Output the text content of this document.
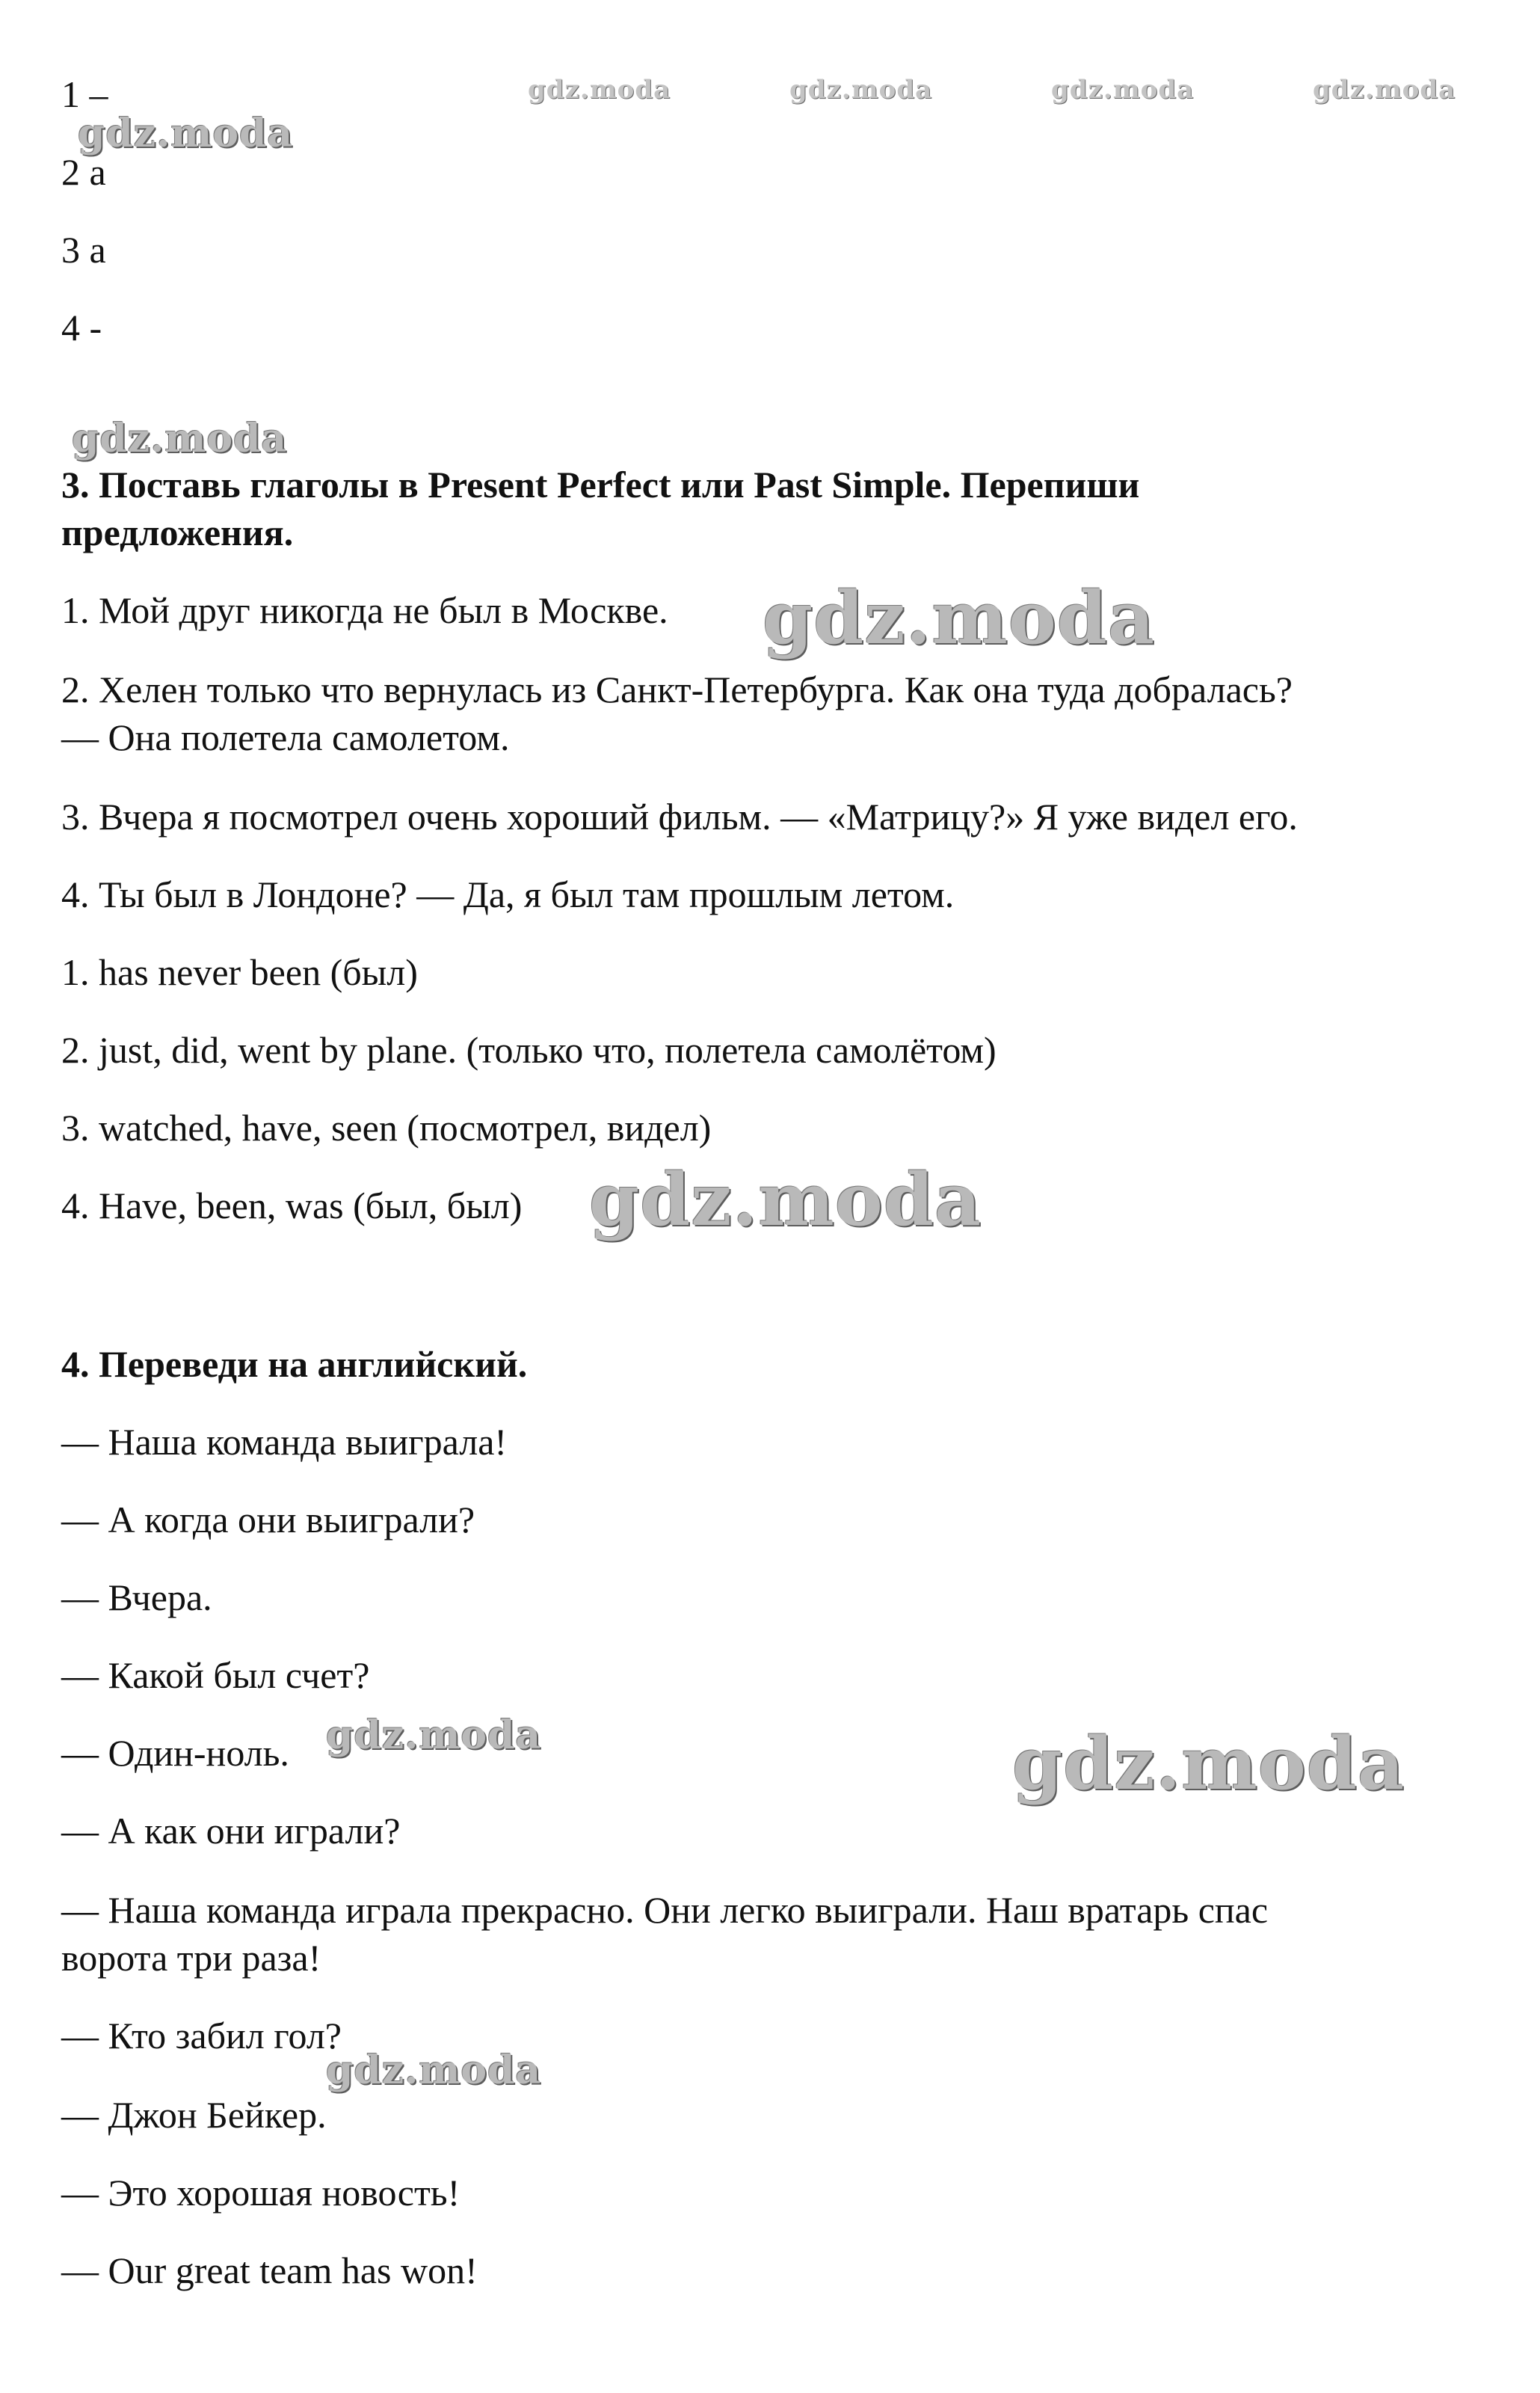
1 –
2 a
3 a
4 -
3. Поставь глаголы в Present Perfect или Past Simple. Перепиши
предложения.
1. Мой друг никогда не был в Москве.
2. Хелен только что вернулась из Санкт-Петербурга. Как она туда добралась?
— Она полетела самолетом.
3. Вчера я посмотрел очень хороший фильм. — «Матрицу?» Я уже видел его.
4. Ты был в Лондоне? — Да, я был там прошлым летом.
1. has never been (был)
2. just, did, went by plane. (только что, полетела самолётом)
3. watched, have, seen (посмотрел, видел)
4. Have, been, was (был, был)
4. Переведи на английский.
— Наша команда выиграла!
— А когда они выиграли?
— Вчера.
— Какой был счет?
— Один-ноль.
— А как они играли?
— Наша команда играла прекрасно. Они легко выиграли. Наш вратарь спас
ворота три раза!
— Кто забил гол?
— Джон Бейкер.
— Это хорошая новость!
— Our great team has won!
gdz.moda	gdz.moda	gdz.moda	gdz.moda
gdz.moda
gdz.moda
gdz.moda
gdz.moda
gdz.moda	gdz.moda
gdz.moda
